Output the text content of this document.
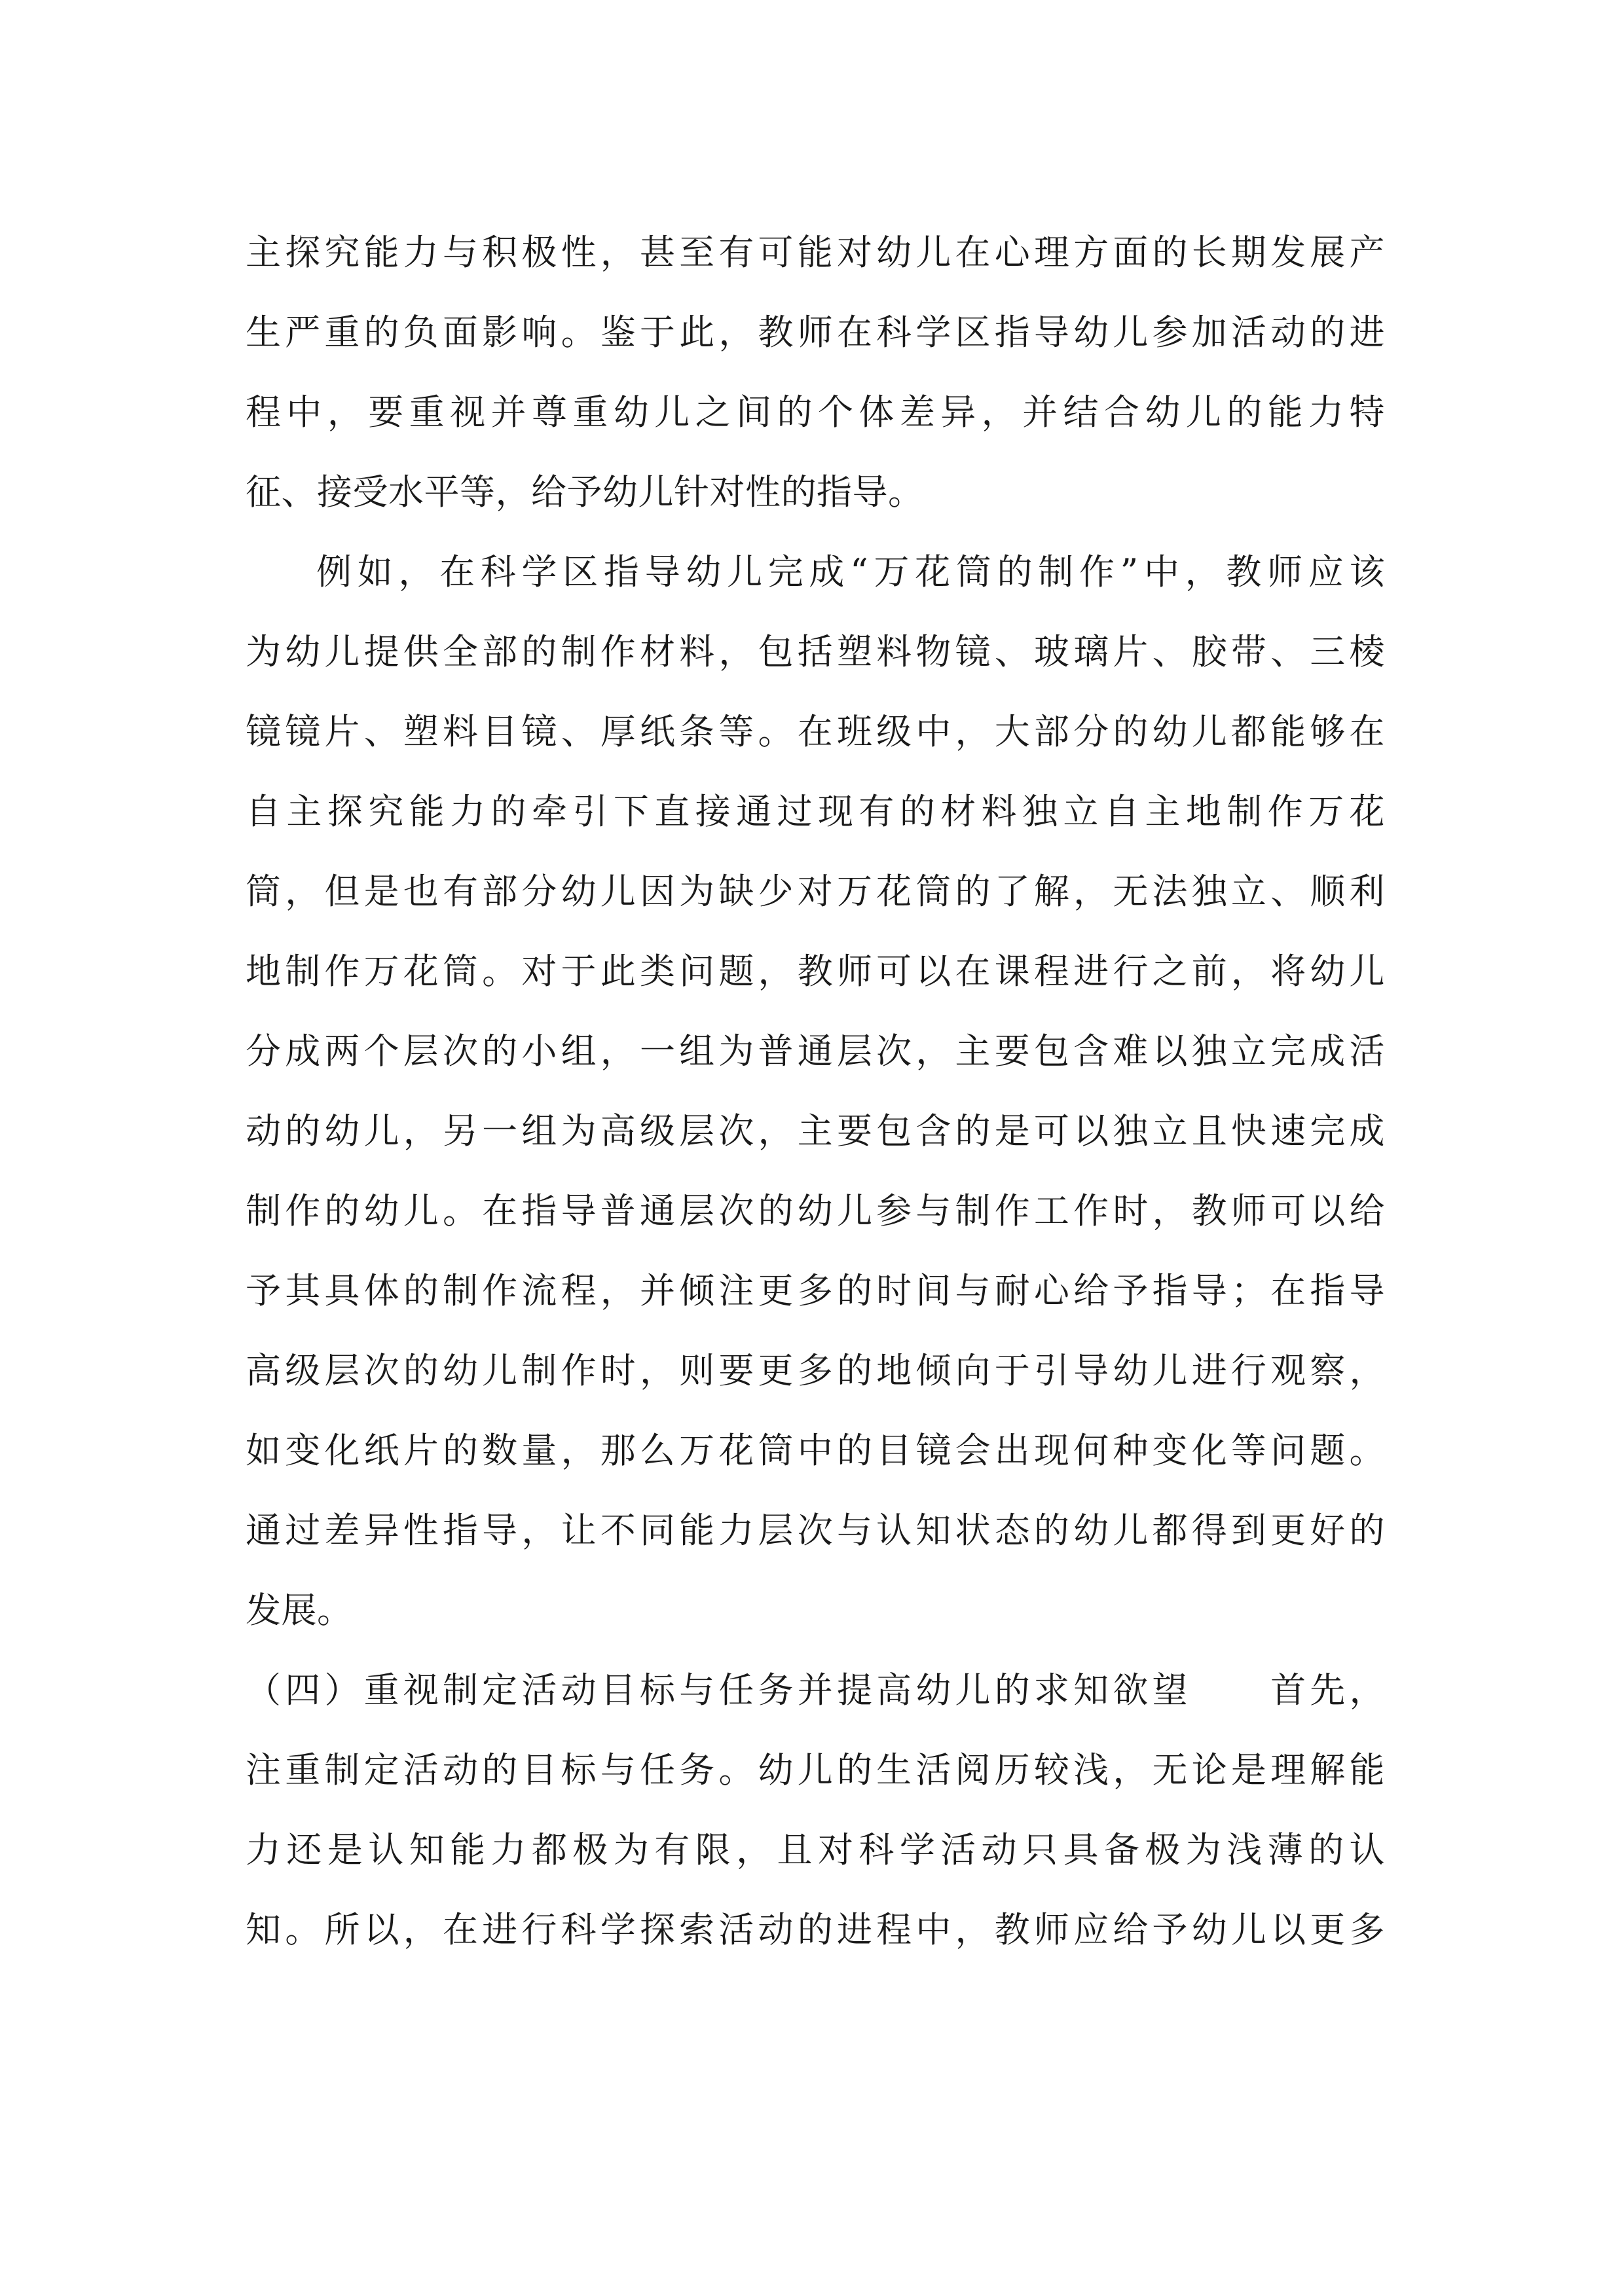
主探究能力与积极性，甚至有可能对幼儿在心理方面的长期发展产
生严重的负面影响。鉴于此，教师在科学区指导幼儿参加活动的进
程中，要重视并尊重幼儿之间的个体差异，并结合幼儿的能力特
征、接受水平等，给予幼儿针对性的指导。
例如，在科学区指导幼儿完成“万花筒的制作”中，教师应该
为幼儿提供全部的制作材料，包括塑料物镜、玻璃片、胶带、三棱
镜镜片、塑料目镜、厚纸条等。在班级中，大部分的幼儿都能够在
自主探究能力的牵引下直接通过现有的材料独立自主地制作万花
筒，但是也有部分幼儿因为缺少对万花筒的了解，无法独立、顺利
地制作万花筒。对于此类问题，教师可以在课程进行之前，将幼儿
分成两个层次的小组，一组为普通层次，主要包含难以独立完成活
动的幼儿，另一组为高级层次，主要包含的是可以独立且快速完成
制作的幼儿。在指导普通层次的幼儿参与制作工作时，教师可以给
予其具体的制作流程，并倾注更多的时间与耐心给予指导；在指导
高级层次的幼儿制作时，则要更多的地倾向于引导幼儿进行观察，
如变化纸片的数量，那么万花筒中的目镜会出现何种变化等问题。
通过差异性指导，让不同能力层次与认知状态的幼儿都得到更好的
发展。
（四）重视制定活动目标与任务并提高幼儿的求知欲望　　首先，
注重制定活动的目标与任务。幼儿的生活阅历较浅，无论是理解能
力还是认知能力都极为有限，且对科学活动只具备极为浅薄的认
知。所以，在进行科学探索活动的进程中，教师应给予幼儿以更多
